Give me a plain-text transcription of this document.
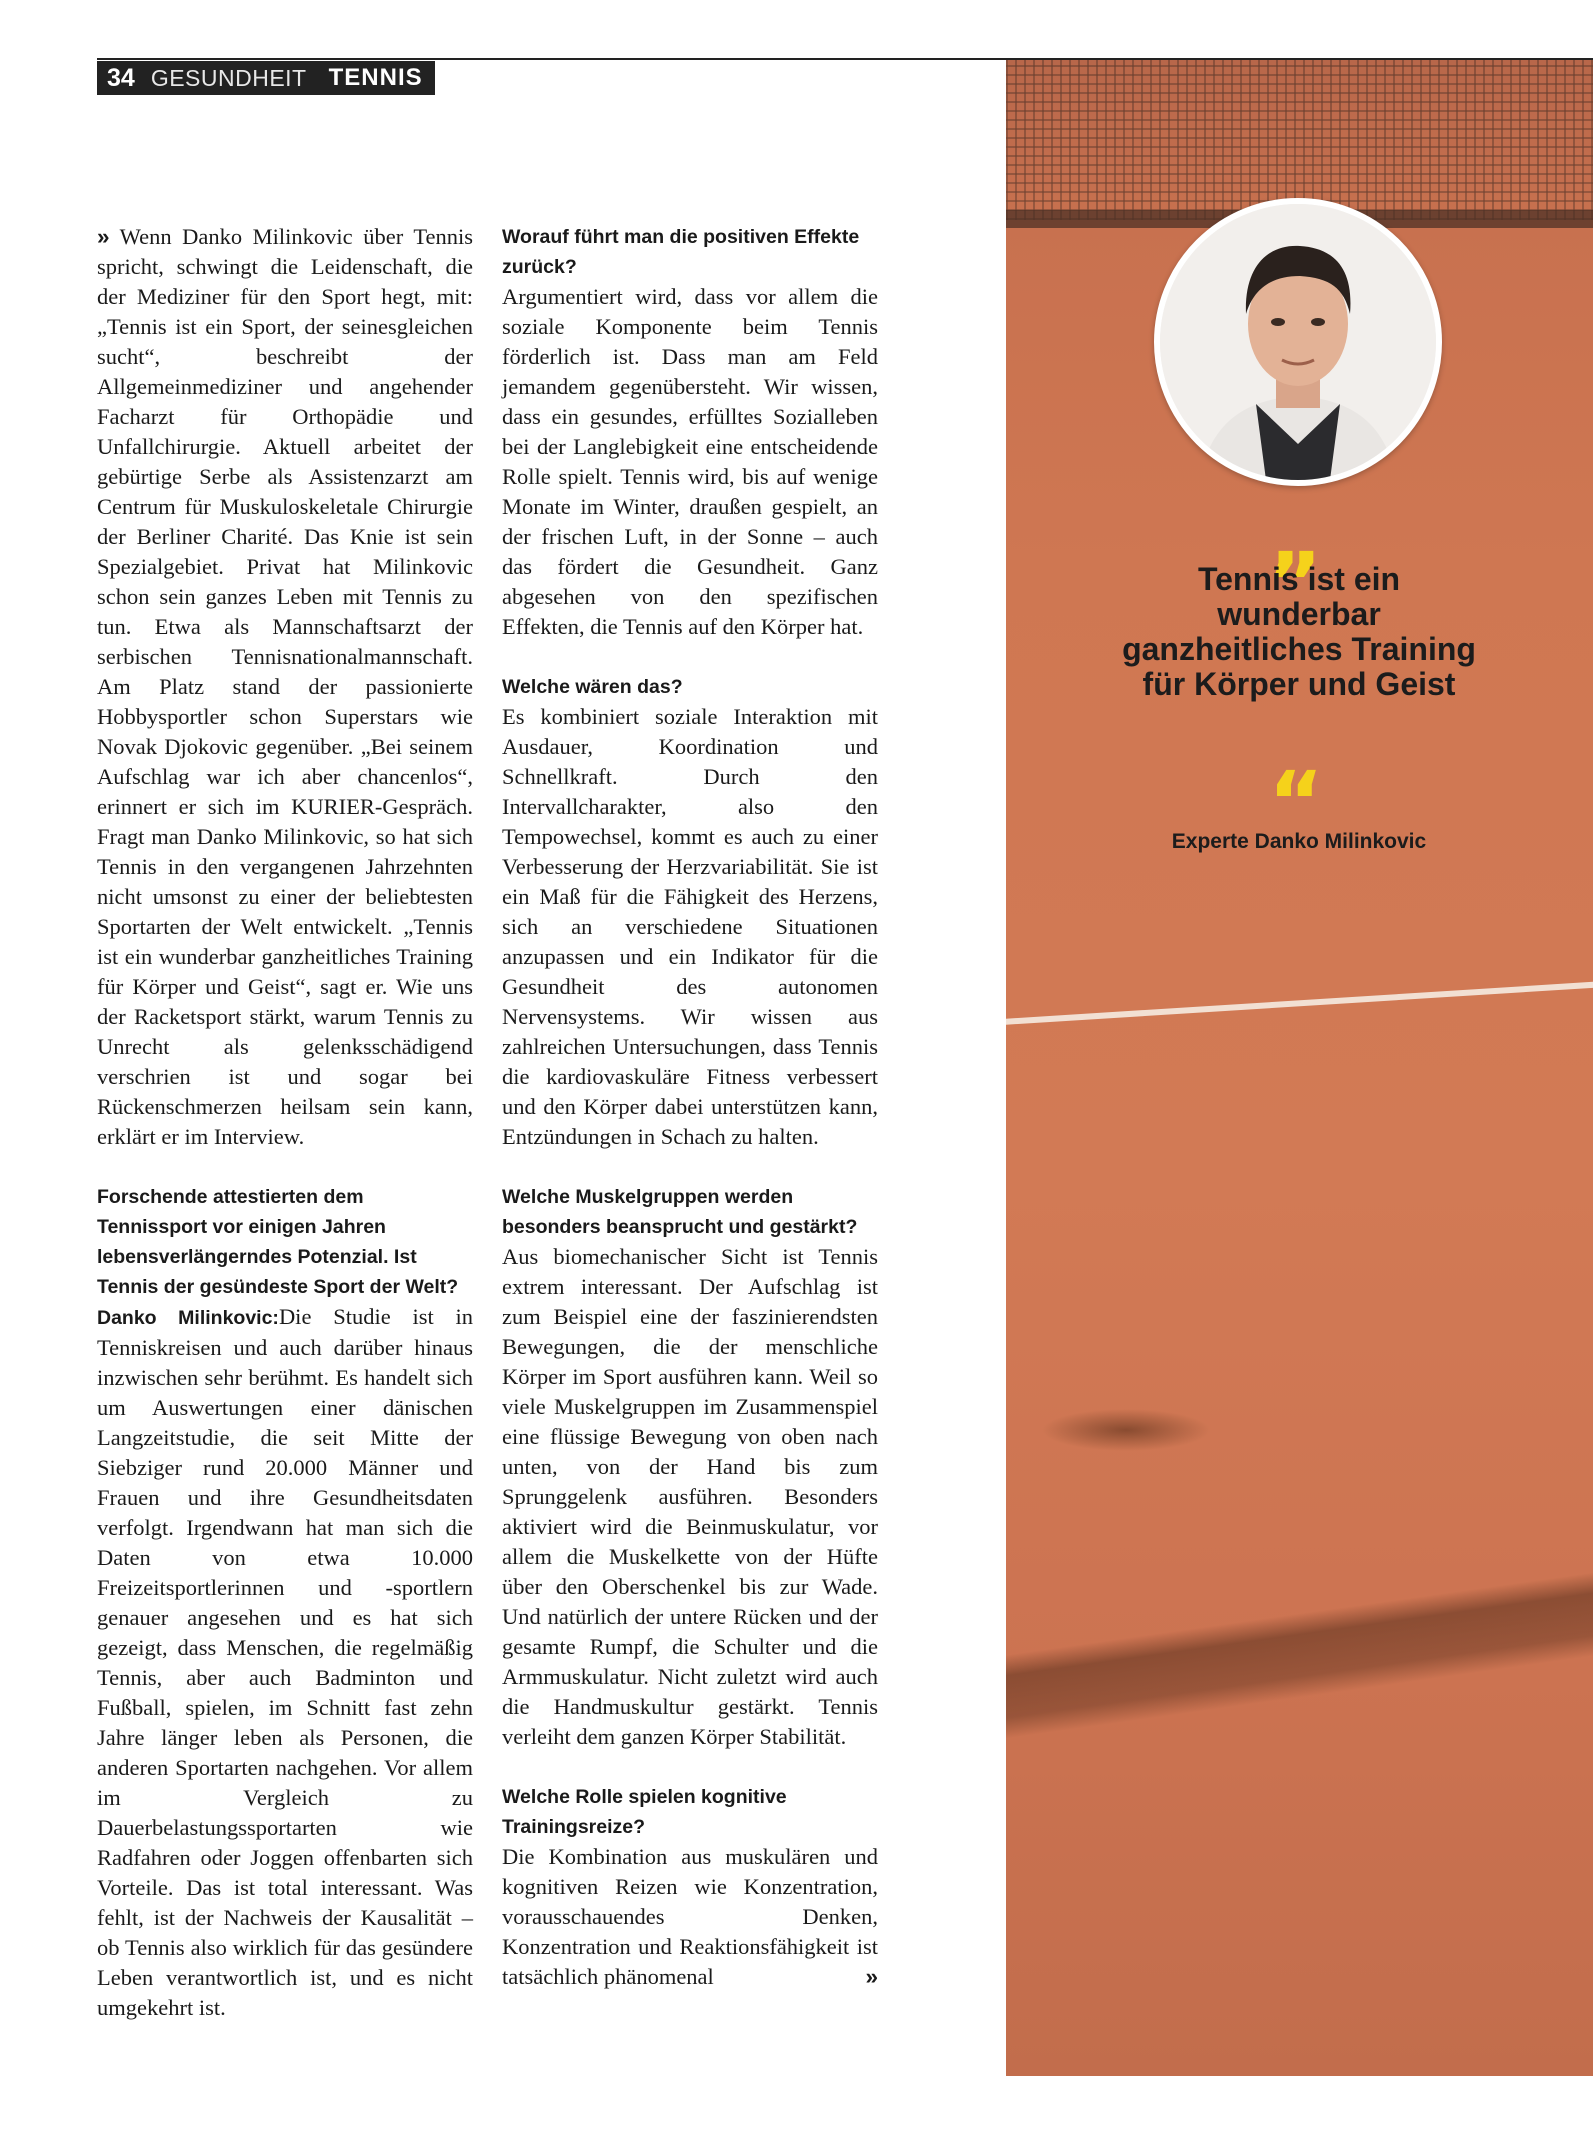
34 GESUNDHEIT TENNIS

» Wenn Danko Milinkovic über Tennis spricht, schwingt die Leidenschaft, die der Mediziner für den Sport hegt, mit: „Tennis ist ein Sport, der seinesgleichen sucht“, beschreibt der Allgemeinmediziner und angehender Facharzt für Orthopädie und Unfallchirurgie. Aktuell arbeitet der gebürtige Serbe als Assistenzarzt am Centrum für Muskuloskeletale Chirurgie der Berliner Charité. Das Knie ist sein Spezialgebiet. Privat hat Milinkovic schon sein ganzes Leben mit Tennis zu tun. Etwa als Mannschaftsarzt der serbischen Tennisnationalmannschaft. Am Platz stand der passionierte Hobbysportler schon Superstars wie Novak Djokovic gegenüber. „Bei seinem Aufschlag war ich aber chancenlos“, erinnert er sich im KURIER-Gespräch. Fragt man Danko Milinkovic, so hat sich Tennis in den vergangenen Jahrzehnten nicht umsonst zu einer der beliebtesten Sportarten der Welt entwickelt. „Tennis ist ein wunderbar ganzheitliches Training für Körper und Geist“, sagt er. Wie uns der Racketsport stärkt, warum Tennis zu Unrecht als gelenksschädigend verschrien ist und sogar bei Rückenschmerzen heilsam sein kann, erklärt er im Interview.

Forschende attestierten dem Tennissport vor einigen Jahren lebensverlängerndes Potenzial. Ist Tennis der gesündeste Sport der Welt?

Danko Milinkovic:Die Studie ist in Tenniskreisen und auch darüber hinaus inzwischen sehr berühmt. Es handelt sich um Auswertungen einer dänischen Langzeitstudie, die seit Mitte der Siebziger rund 20.000 Männer und Frauen und ihre Gesundheitsdaten verfolgt. Irgendwann hat man sich die Daten von etwa 10.000 Freizeitsportlerinnen und -sportlern genauer angesehen und es hat sich gezeigt, dass Menschen, die regelmäßig Tennis, aber auch Badminton und Fußball, spielen, im Schnitt fast zehn Jahre länger leben als Personen, die anderen Sportarten nachgehen. Vor allem im Vergleich zu Dauerbelastungssportarten wie Radfahren oder Joggen offenbarten sich Vorteile. Das ist total interessant. Was fehlt, ist der Nachweis der Kausalität – ob Tennis also wirklich für das gesündere Leben verantwortlich ist, und es nicht umgekehrt ist.

Worauf führt man die positiven Effekte zurück?

Argumentiert wird, dass vor allem die soziale Komponente beim Tennis förderlich ist. Dass man am Feld jemandem gegenübersteht. Wir wissen, dass ein gesundes, erfülltes Sozialleben bei der Langlebigkeit eine entscheidende Rolle spielt. Tennis wird, bis auf wenige Monate im Winter, draußen gespielt, an der frischen Luft, in der Sonne – auch das fördert die Gesundheit. Ganz abgesehen von den spezifischen Effekten, die Tennis auf den Körper hat.

Welche wären das?

Es kombiniert soziale Interaktion mit Ausdauer, Koordination und Schnellkraft. Durch den Intervallcharakter, also den Tempowechsel, kommt es auch zu einer Verbesserung der Herzvariabilität. Sie ist ein Maß für die Fähigkeit des Herzens, sich an verschiedene Situationen anzupassen und ein Indikator für die Gesundheit des autonomen Nervensystems. Wir wissen aus zahlreichen Untersuchungen, dass Tennis die kardiovaskuläre Fitness verbessert und den Körper dabei unterstützen kann, Entzündungen in Schach zu halten.

Welche Muskelgruppen werden besonders beansprucht und gestärkt?

Aus biomechanischer Sicht ist Tennis extrem interessant. Der Aufschlag ist zum Beispiel eine der faszinierendsten Bewegungen, die der menschliche Körper im Sport ausführen kann. Weil so viele Muskelgruppen im Zusammenspiel eine flüssige Bewegung von oben nach unten, von der Hand bis zum Sprunggelenk ausführen. Besonders aktiviert wird die Beinmuskulatur, vor allem die Muskelkette von der Hüfte über den Oberschenkel bis zur Wade. Und natürlich der untere Rücken und der gesamte Rumpf, die Schulter und die Armmuskulatur. Nicht zuletzt wird auch die Handmuskultur gestärkt. Tennis verleiht dem ganzen Körper Stabilität.

Welche Rolle spielen kognitive Trainingsreize?

Die Kombination aus muskulären und kognitiven Reizen wie Konzentration, vorausschauendes Denken, Konzentration und Reaktionsfähigkeit ist tatsächlich phänomenal	»

„
Tennis ist ein wunderbar ganzheitliches Training für Körper und Geist
“
Experte Danko Milinkovic
